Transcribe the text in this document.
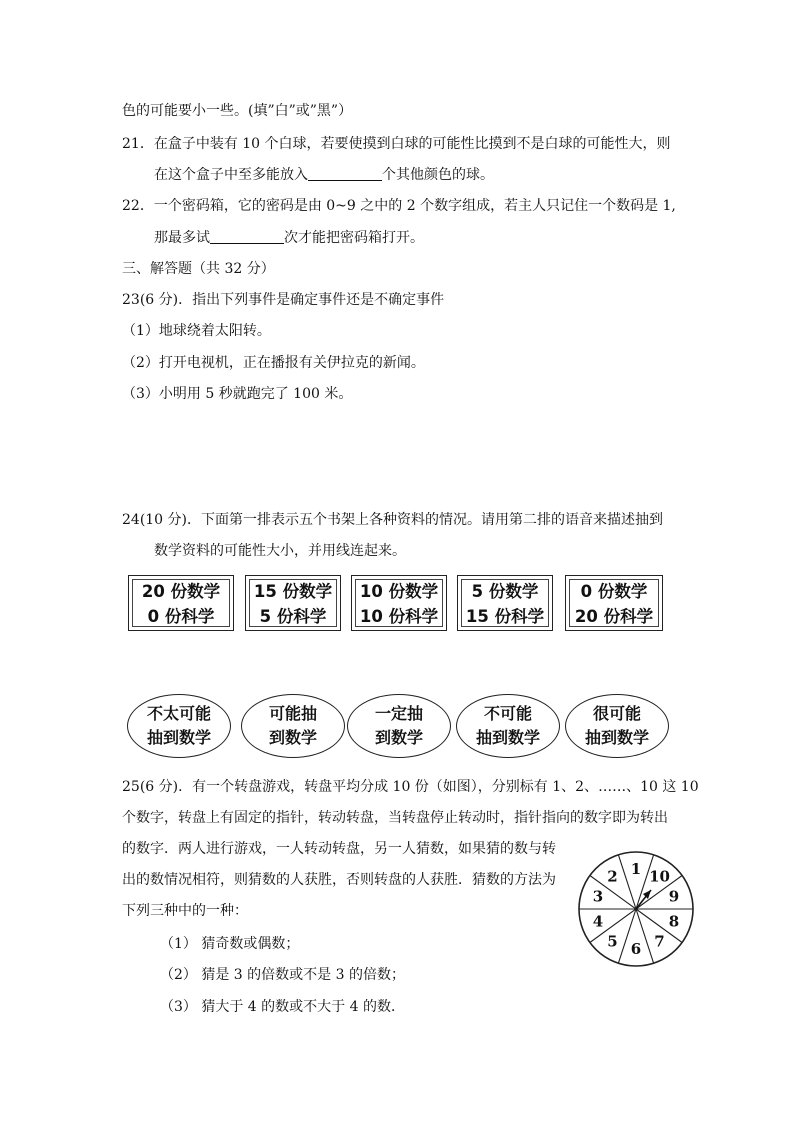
色的可能要小一些。(填”白”或”黑”）
21．在盒子中装有 10 个白球，若要使摸到白球的可能性比摸到不是白球的可能性大，则
在这个盒子中至多能放入	个其他颜色的球。
22．一个密码箱，它的密码是由 0~9 之中的 2 个数字组成，若主人只记住一个数码是 1,
那最多试	次才能把密码箱打开。
三、解答题（共 32 分）
23(6 分)．指出下列事件是确定事件还是不确定事件
（1）地球绕着太阳转。
（2）打开电视机，正在播报有关伊拉克的新闻。
（3）小明用 5 秒就跑完了 100 米。
24(10 分)．下面第一排表示五个书架上各种资料的情况。请用第二排的语音来描述抽到
数学资料的可能性大小，并用线连起来。
20 份数学
0 份科学
15 份数学
5 份科学
10 份数学
10 份科学
5 份数学
15 份科学
0 份数学
20 份科学
不太可能
抽到数学
可能抽
到数学
一定抽
到数学
不可能
抽到数学
很可能
抽到数学
25(6 分)．有一个转盘游戏，转盘平均分成 10 份（如图），分别标有 1、2、……、10 这 10
个数字，转盘上有固定的指针，转动转盘，当转盘停止转动时，指针指向的数字即为转出
的数字．两人进行游戏，一人转动转盘，另一人猜数，如果猜的数与转
出的数情况相符，则猜数的人获胜，否则转盘的人获胜．猜数的方法为
下列三种中的一种：
（1） 猜奇数或偶数；
（2） 猜是 3 的倍数或不是 3 的倍数；
（3） 猜大于 4 的数或不大于 4 的数．
1 10
9
8
7
6
5
4
3
2
